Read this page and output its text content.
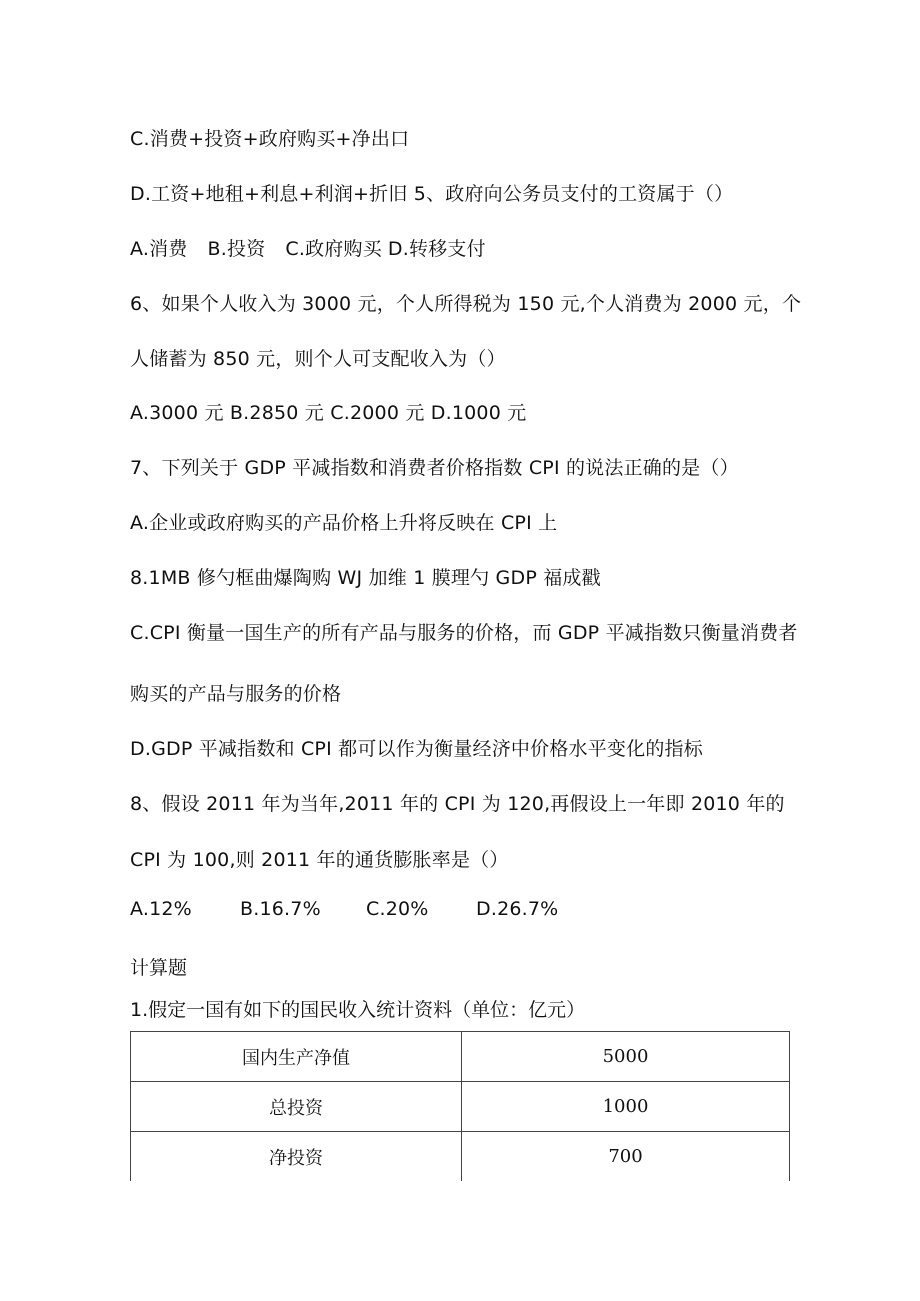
C.消费+投资+政府购买+净出口
D.工资+地租+利息+利润+折旧 5、政府向公务员支付的工资属于（）
A.消费 B.投资 C.政府购买 D.转移支付
6、如果个人收入为 3000 元，个人所得税为 150 元,个人消费为 2000 元，个
人储蓄为 850 元，则个人可支配收入为（）
A.3000 元 B.2850 元 C.2000 元 D.1000 元
7、下列关于 GDP 平减指数和消费者价格指数 CPI 的说法正确的是（）
A.企业或政府购买的产品价格上升将反映在 CPI 上
8.1MB 修勺框曲爆陶购 WJ 加维 1 膜理勺 GDP 福成戳
C.CPI 衡量一国生产的所有产品与服务的价格，而 GDP 平减指数只衡量消费者
购买的产品与服务的价格
D.GDP 平减指数和 CPI 都可以作为衡量经济中价格水平变化的指标
8、假设 2011 年为当年,2011 年的 CPI 为 120,再假设上一年即 2010 年的
CPI 为 100,则 2011 年的通货膨胀率是（）
A.12%	B.16.7% C.20% D.26.7%
计算题
1.假定一国有如下的国民收入统计资料（单位：亿元）
国内生产净值	5000
总投资	1000
净投资	700
